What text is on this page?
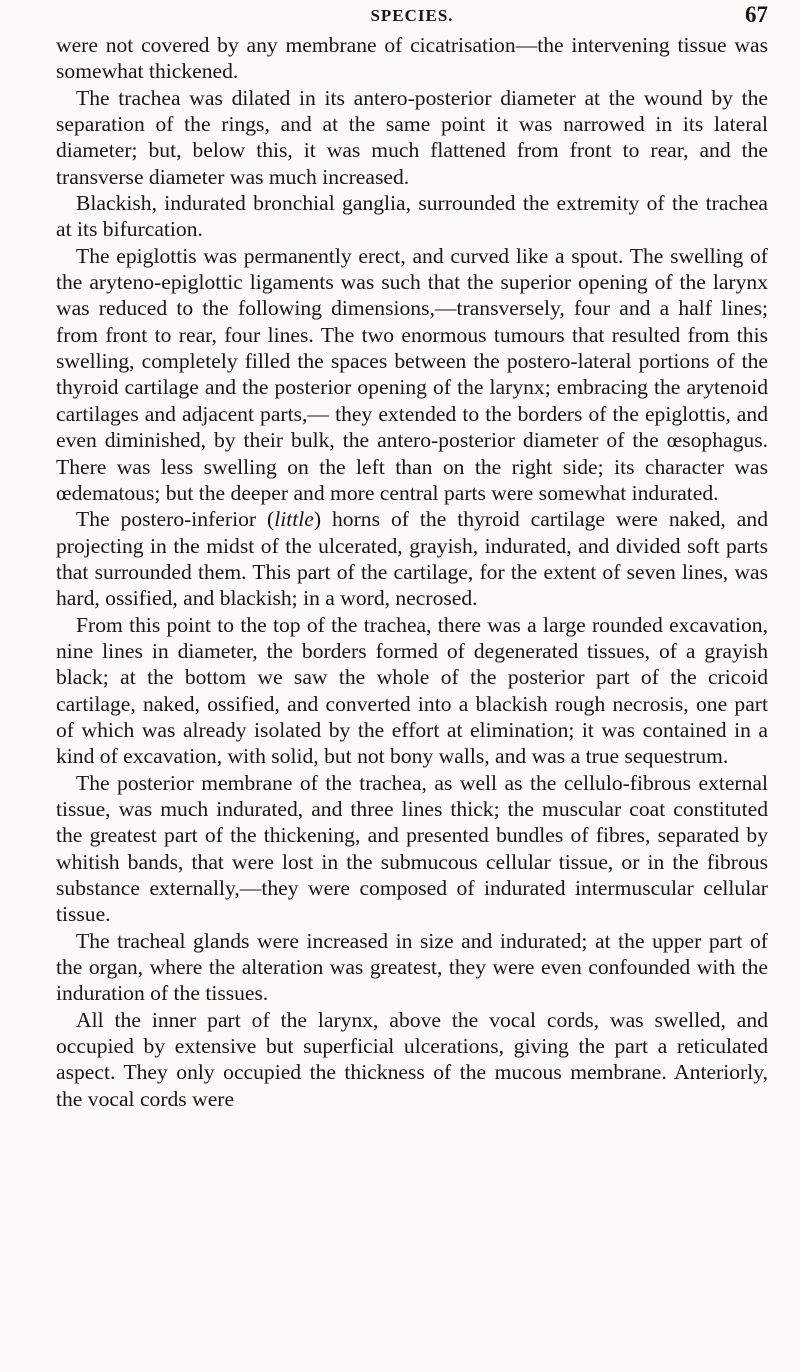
SPECIES.	67

were not covered by any membrane of cicatrisation—the intervening tissue was somewhat thickened.

The trachea was dilated in its antero-posterior diameter at the wound by the separation of the rings, and at the same point it was narrowed in its lateral diameter; but, below this, it was much flattened from front to rear, and the transverse diameter was much increased.

Blackish, indurated bronchial ganglia, surrounded the extremity of the trachea at its bifurcation.

The epiglottis was permanently erect, and curved like a spout. The swelling of the aryteno-epiglottic ligaments was such that the superior opening of the larynx was reduced to the following dimensions,—transversely, four and a half lines; from front to rear, four lines. The two enormous tumours that resulted from this swelling, completely filled the spaces between the postero-lateral portions of the thyroid cartilage and the posterior opening of the larynx; embracing the arytenoid cartilages and adjacent parts,— they extended to the borders of the epiglottis, and even diminished, by their bulk, the antero-posterior diameter of the œsophagus. There was less swelling on the left than on the right side; its character was œdematous; but the deeper and more central parts were somewhat indurated.

The postero-inferior (little) horns of the thyroid cartilage were naked, and projecting in the midst of the ulcerated, grayish, indurated, and divided soft parts that surrounded them. This part of the cartilage, for the extent of seven lines, was hard, ossified, and blackish; in a word, necrosed.

From this point to the top of the trachea, there was a large rounded excavation, nine lines in diameter, the borders formed of degenerated tissues, of a grayish black; at the bottom we saw the whole of the posterior part of the cricoid cartilage, naked, ossified, and converted into a blackish rough necrosis, one part of which was already isolated by the effort at elimination; it was contained in a kind of excavation, with solid, but not bony walls, and was a true sequestrum.

The posterior membrane of the trachea, as well as the cellulo-fibrous external tissue, was much indurated, and three lines thick; the muscular coat constituted the greatest part of the thickening, and presented bundles of fibres, separated by whitish bands, that were lost in the submucous cellular tissue, or in the fibrous substance externally,—they were composed of indurated intermuscular cellular tissue.

The tracheal glands were increased in size and indurated; at the upper part of the organ, where the alteration was greatest, they were even confounded with the induration of the tissues.

All the inner part of the larynx, above the vocal cords, was swelled, and occupied by extensive but superficial ulcerations, giving the part a reticulated aspect. They only occupied the thickness of the mucous membrane. Anteriorly, the vocal cords were
